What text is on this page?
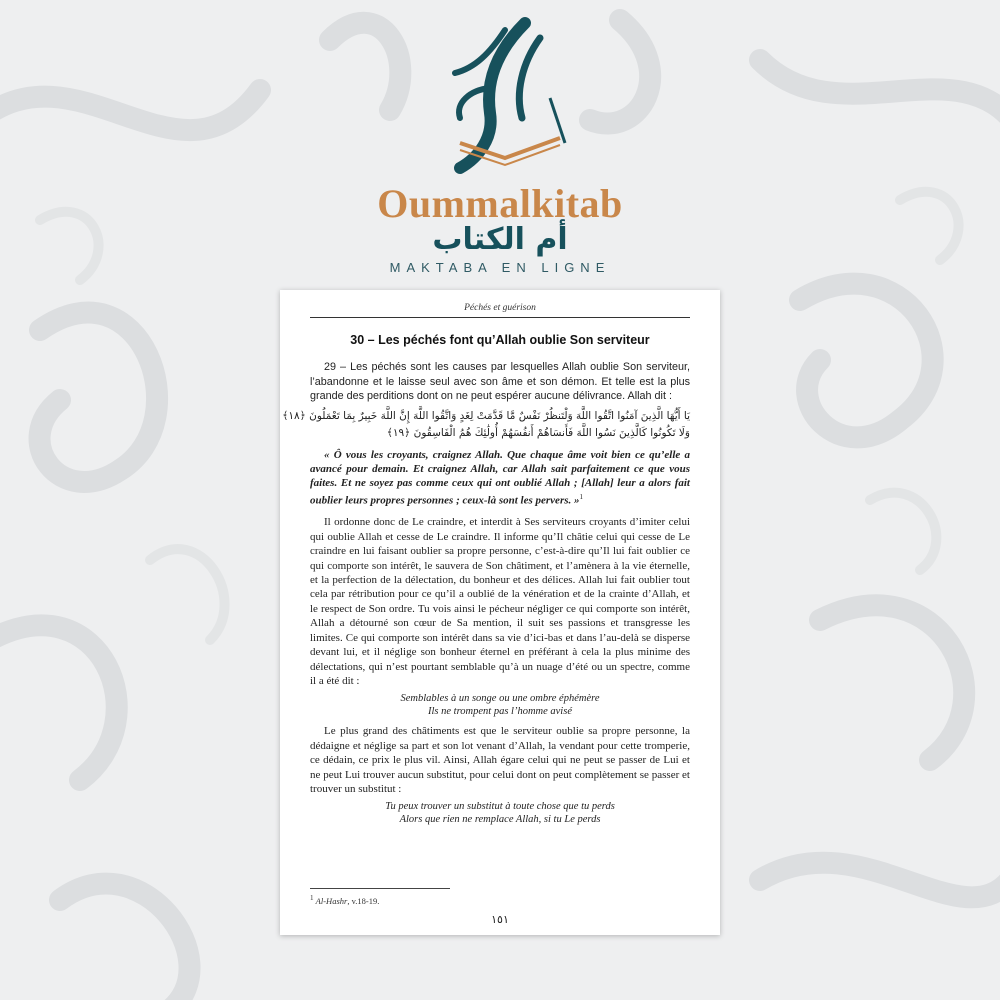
Oummalkitab
أم الكتاب
MAKTABA EN LIGNE
Péchés et guérison
30 – Les péchés font qu’Allah oublie Son serviteur

29 – Les péchés sont les causes par lesquelles Allah oublie Son serviteur, l’abandonne et le laisse seul avec son âme et son démon. Et telle est la plus grande des perditions dont on ne peut espérer aucune délivrance. Allah dit :

يَا أَيُّهَا الَّذِينَ آمَنُوا اتَّقُوا اللَّهَ وَلْتَنظُرْ نَفْسٌ مَّا قَدَّمَتْ لِغَدٍ وَاتَّقُوا اللَّهَ إِنَّ اللَّهَ خَبِيرٌ بِمَا تَعْمَلُونَ ﴿١٨﴾
وَلَا تَكُونُوا كَالَّذِينَ نَسُوا اللَّهَ فَأَنسَاهُمْ أَنفُسَهُمْ أُولَٰئِكَ هُمُ الْفَاسِقُونَ ﴿١٩﴾

« Ô vous les croyants, craignez Allah. Que chaque âme voit bien ce qu’elle a avancé pour demain. Et craignez Allah, car Allah sait parfaitement ce que vous faites. Et ne soyez pas comme ceux qui ont oublié Allah ; [Allah] leur a alors fait oublier leurs propres personnes ; ceux-là sont les pervers. »$^1$

Il ordonne donc de Le craindre, et interdit à Ses serviteurs croyants d’imiter celui qui oublie Allah et cesse de Le craindre. Il informe qu’Il châtie celui qui cesse de Le craindre en lui faisant oublier sa propre personne, c’est-à-dire qu’Il lui fait oublier ce qui comporte son intérêt, le sauvera de Son châtiment, et l’amènera à la vie éternelle, et la perfection de la délectation, du bonheur et des délices. Allah lui fait oublier tout cela par rétribution pour ce qu’il a oublié de la vénération et de la crainte d’Allah, et le respect de Son ordre. Tu vois ainsi le pécheur négliger ce qui comporte son intérêt, Allah a détourné son cœur de Sa mention, il suit ses passions et transgresse les limites. Ce qui comporte son intérêt dans sa vie d’ici-bas et dans l’au-delà se disperse devant lui, et il néglige son bonheur éternel en préférant à cela la plus minime des délectations, qui n’est pourtant semblable qu’à un nuage d’été ou un spectre, comme il a été dit :

Semblables à un songe ou une ombre éphémère
Ils ne trompent pas l’homme avisé

Le plus grand des châtiments est que le serviteur oublie sa propre personne, la dédaigne et néglige sa part et son lot venant d’Allah, la vendant pour cette tromperie, ce dédain, ce prix le plus vil. Ainsi, Allah égare celui qui ne peut se passer de Lui et ne peut Lui trouver aucun substitut, pour celui dont on peut complètement se passer et trouver un substitut :

Tu peux trouver un substitut à toute chose que tu perds
Alors que rien ne remplace Allah, si tu Le perds
$^1$ Al-Hashr, v.18-19.
١٥١
